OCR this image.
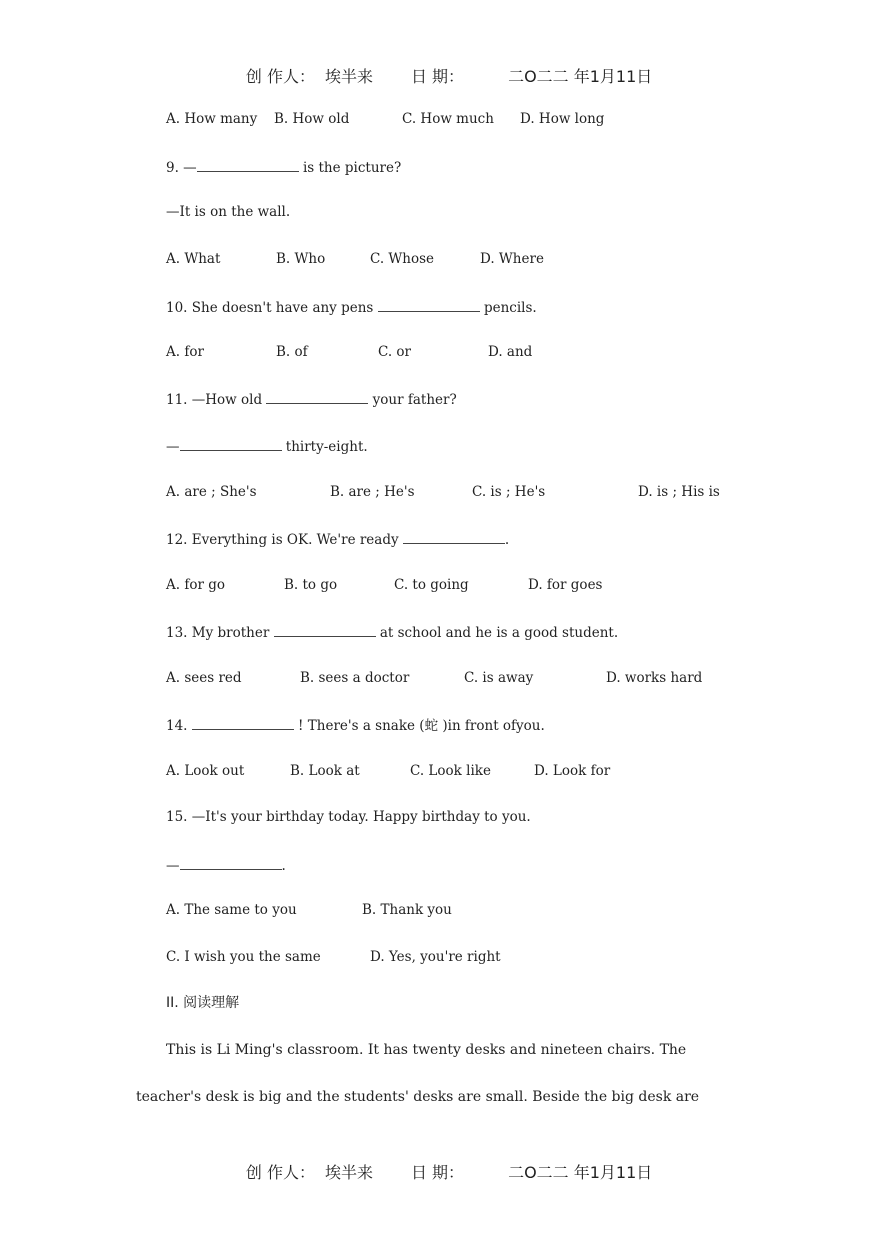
创 作人： 埃半来 日 期：	二O二二 年1月11日

A. How many

B. How old

	C. How much

D. How long

9. —	is the picture?
—It is on the wall.

A. What

	B. Who

	C. Whose

	D. Where

10. She doesn't have any pens	pencils.

A. for

	B. of

	C. or

	D. and

11. —How old	your father?
—	thirty-eight.

A. are ; She's

	B. are ; He's

	C. is ; He's

	D. is ; His is

12. Everything is OK. We're ready	.

A. for go

	B. to go

	C. to going

	D. for goes

13. My brother	at school and he is a good student.

A. sees red

	B. sees a doctor

	C. is away

	D. works hard

14.	! There's a snake (蛇 )in front ofyou.

A. Look out

	B. Look at

	C. Look like

	D. Look for

15. —It's your birthday today. Happy birthday to you.
—	.

A. The same to you

	B. Thank you

C. I wish you the same

	D. Yes, you're right

II. 阅读理解
This is Li Ming's classroom. It has twenty desks and nineteen chairs. The
teacher's desk is big and the students' desks are small. Beside the big desk are

创 作人： 埃半来 日 期：	二O二二 年1月11日
